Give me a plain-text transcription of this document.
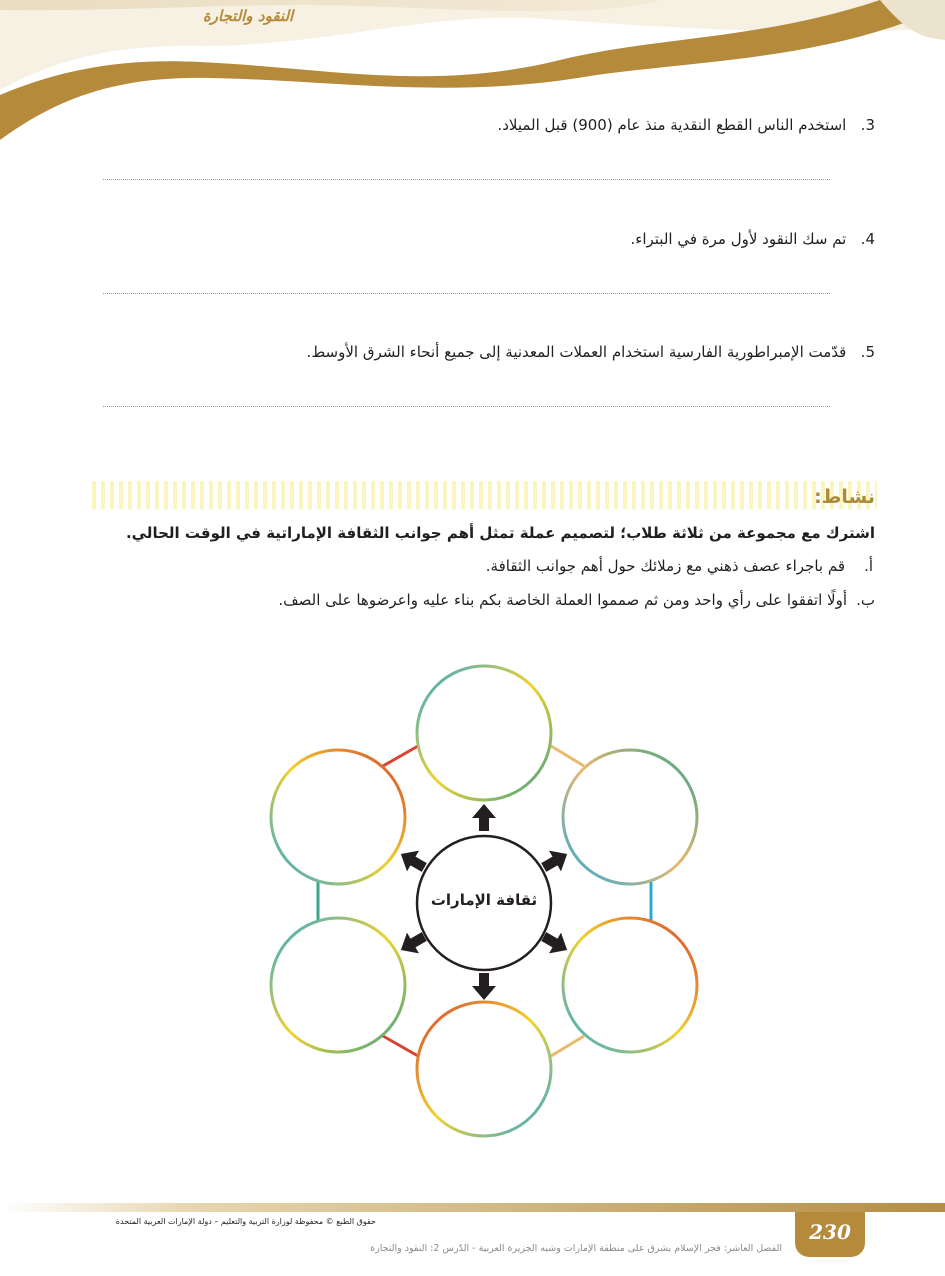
النقود والتجارة
3.   استخدم الناس القطع النقدية منذ عام (900) قبل الميلاد.
4.   تم سك النقود لأول مرة في البتراء.
5.   قدّمت الإمبراطورية الفارسية استخدام العملات المعدنية إلى جميع أنحاء الشرق الأوسط.
نشاط:
اشترك مع مجموعة من ثلاثة طلاب؛ لتصميم عملة تمثل أهم جوانب الثقافة الإماراتية في الوقت الحالي.
أ.
قم باجراء عصف ذهني مع زملائك حول أهم جوانب الثقافة.
ب.
أولًا اتفقوا على رأي واحد ومن ثم صمموا العملة الخاصة بكم بناء عليه واعرضوها على الصف.
ثقافة الإمارات
230
حقوق الطبع © محفوظة لوزارة التربية والتعليم – دولة الإمارات العربية المتحدة
الفصل العاشر: فجر الإسلام يشرق على منطقة الإمارات وشبه الجزيرة العربية - الدّرس 2: النقود والتجارة
